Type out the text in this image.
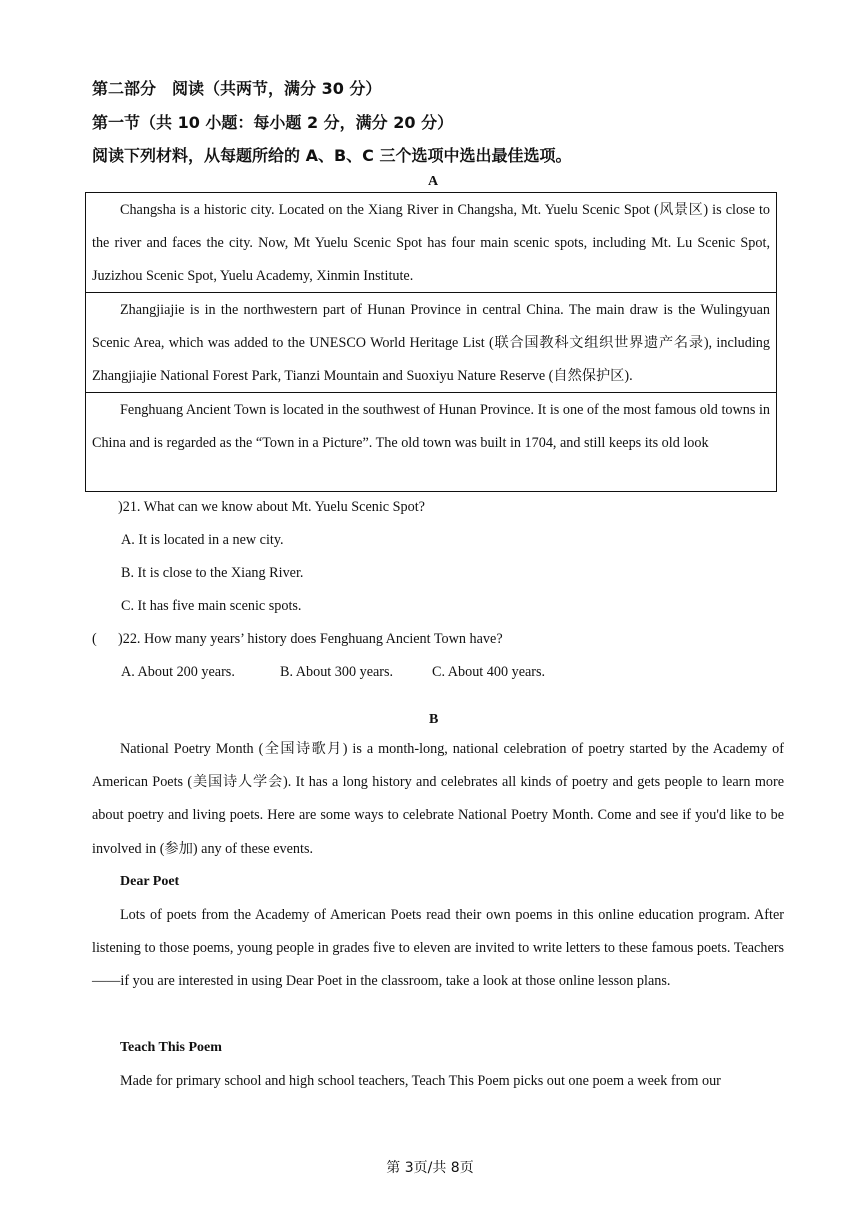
第二部分　阅读（共两节，满分 30 分）
第一节（共 10 小题：每小题 2 分，满分 20 分）
阅读下列材料，从每题所给的 A、B、C 三个选项中选出最佳选项。
A

Changsha is a historic city. Located on the Xiang River in Changsha, Mt. Yuelu Scenic Spot (风景区) is close to the river and faces the city. Now, Mt Yuelu Scenic Spot has four main scenic spots, including Mt. Lu Scenic Spot, Juzizhou Scenic Spot, Yuelu Academy, Xinmin Institute.

Zhangjiajie is in the northwestern part of Hunan Province in central China. The main draw is the Wulingyuan Scenic Area, which was added to the UNESCO World Heritage List (联合国教科文组织世界遗产名录), including Zhangjiajie National Forest Park, Tianzi Mountain and Suoxiyu Nature Reserve (自然保护区).

Fenghuang Ancient Town is located in the southwest of Hunan Province. It is one of the most famous old towns in China and is regarded as the “Town in a Picture”. The old town was built in 1704, and still keeps its old look

)21. What can we know about Mt. Yuelu Scenic Spot?
A. It is located in a new city.
B. It is close to the Xiang River.
C. It has five main scenic spots.
( )22. How many years’ history does Fenghuang Ancient Town have?
A. About 200 years.	B. About 300 years.	C. About 400 years.
B

National Poetry Month (全国诗歌月) is a month-long, national celebration of poetry started by the Academy of American Poets (美国诗人学会). It has a long history and celebrates all kinds of poetry and gets people to learn more about poetry and living poets. Here are some ways to celebrate National Poetry Month. Come and see if you'd like to be involved in (参加) any of these events.

Dear Poet

Lots of poets from the Academy of American Poets read their own poems in this online education program. After listening to those poems, young people in grades five to eleven are invited to write letters to these famous poets. Teachers——if you are interested in using Dear Poet in the classroom, take a look at those online lesson plans.

Teach This Poem

Made for primary school and high school teachers, Teach This Poem picks out one poem a week from our

第 3页/共 8页
